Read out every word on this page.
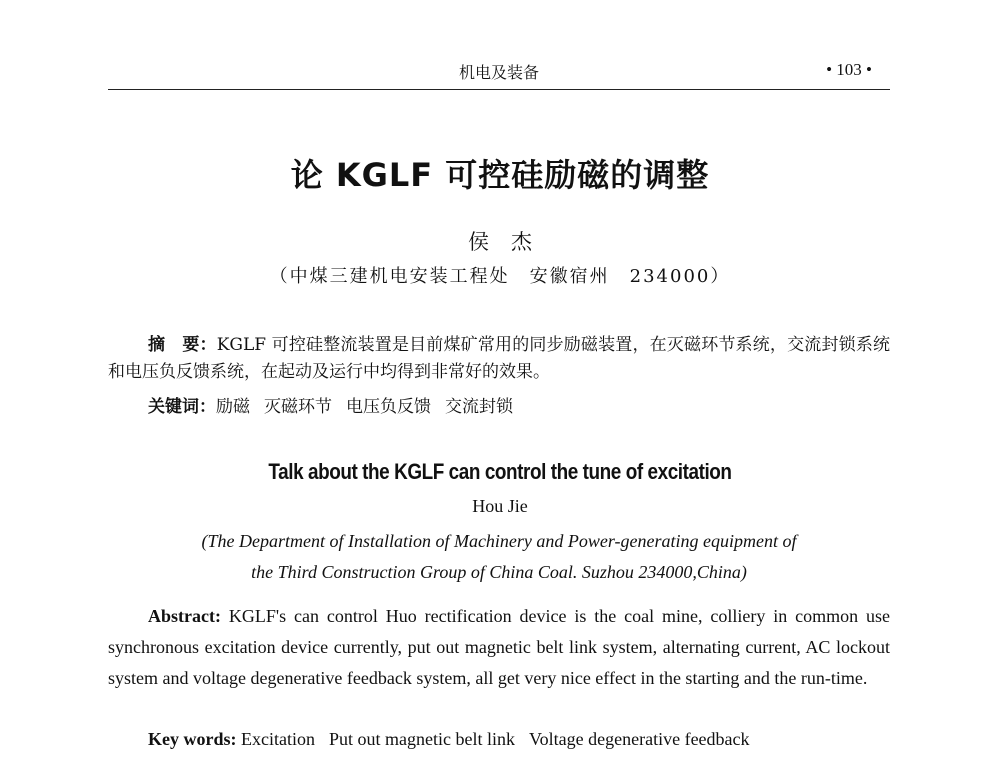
机电及装备	• 103 •
论 KGLF 可控硅励磁的调整
侯杰
（中煤三建机电安装工程处　安徽宿州　234000）
摘　要：KGLF 可控硅整流装置是目前煤矿常用的同步励磁装置，在灭磁环节系统，交流封锁系统和电压负反馈系统，在起动及运行中均得到非常好的效果。
关键词：励磁 灭磁环节 电压负反馈 交流封锁
Talk about the KGLF can control the tune of excitation
Hou Jie
(The Department of Installation of Machinery and Power-generating equipment of
the Third Construction Group of China Coal. Suzhou 234000,China)
Abstract: KGLF's can control Huo rectification device is the coal mine, colliery in common use synchronous excitation device currently, put out magnetic belt link system, alternating current, AC lockout system and voltage degenerative feedback system, all get very nice effect in the starting and the run-time.
Key words: Excitation Put out magnetic belt link Voltage degenerative feedback
